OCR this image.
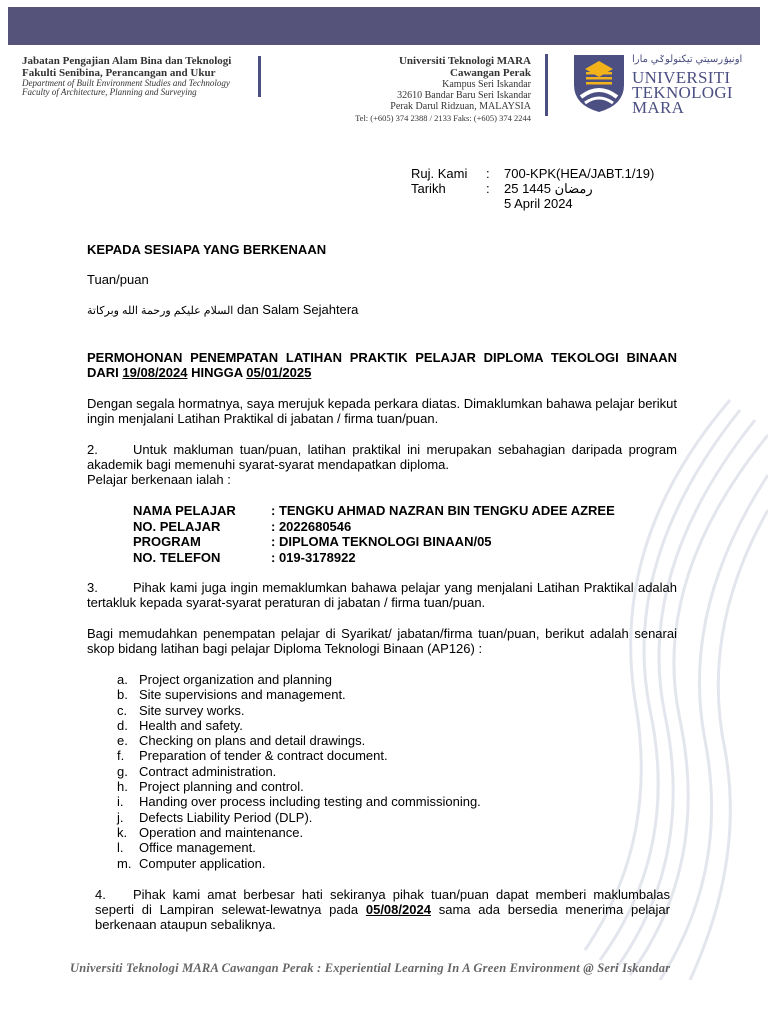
Jabatan Pengajian Alam Bina dan Teknologi
Fakulti Senibina, Perancangan and Ukur
Department of Built Environment Studies and Technology
Faculty of Architecture, Planning and Surveying
Universiti Teknologi MARA
Cawangan Perak
Kampus Seri Iskandar
32610 Bandar Baru Seri Iskandar
Perak Darul Ridzuan, MALAYSIA
Tel: (+605) 374 2388 / 2133 Faks: (+605) 374 2244
اونيۏرسيتي تيكنولوݢي مارا
UNIVERSITI
TEKNOLOGI
MARA
Ruj. Kami	:	700-KPK(HEA/JABT.1/19)
Tarikh	:	25 رمضان 1445
		5 April 2024
KEPADA SESIAPA YANG BERKENAAN
Tuan/puan
السلام عليكم ورحمة الله وبركاتة dan Salam Sejahtera
PERMOHONAN PENEMPATAN LATIHAN PRAKTIK PELAJAR DIPLOMA TEKOLOGI BINAAN DARI 19/08/2024 HINGGA 05/01/2025
Dengan segala hormatnya, saya merujuk kepada perkara diatas. Dimaklumkan bahawa pelajar berikut ingin menjalani Latihan Praktikal di jabatan / firma tuan/puan.
2.	Untuk makluman tuan/puan, latihan praktikal ini merupakan sebahagian daripada program akademik bagi memenuhi syarat-syarat mendapatkan diploma.
Pelajar berkenaan ialah :
NAMA PELAJAR	: TENGKU AHMAD NAZRAN BIN TENGKU ADEE AZREE
NO. PELAJAR	: 2022680546
PROGRAM	: DIPLOMA TEKNOLOGI BINAAN/05
NO. TELEFON	: 019-3178922
3.	Pihak kami juga ingin memaklumkan bahawa pelajar yang menjalani Latihan Praktikal adalah tertakluk kepada syarat-syarat peraturan di jabatan / firma tuan/puan.
Bagi memudahkan penempatan pelajar di Syarikat/ jabatan/firma tuan/puan, berikut adalah senarai skop bidang latihan bagi pelajar Diploma Teknologi Binaan (AP126) :
a. Project organization and planning
b. Site supervisions and management.
c. Site survey works.
d. Health and safety.
e. Checking on plans and detail drawings.
f.	Preparation of tender & contract document.
g. Contract administration.
h. Project planning and control.
i.	Handing over process including testing and commissioning.
j.	Defects Liability Period (DLP).
k. Operation and maintenance.
l.	Office management.
m. Computer application.
4. Pihak kami amat berbesar hati sekiranya pihak tuan/puan dapat memberi maklumbalas seperti di Lampiran selewat-lewatnya pada 05/08/2024 sama ada bersedia menerima pelajar berkenaan ataupun sebaliknya.
Universiti Teknologi MARA Cawangan Perak : Experiential Learning In A Green Environment @ Seri Iskandar
